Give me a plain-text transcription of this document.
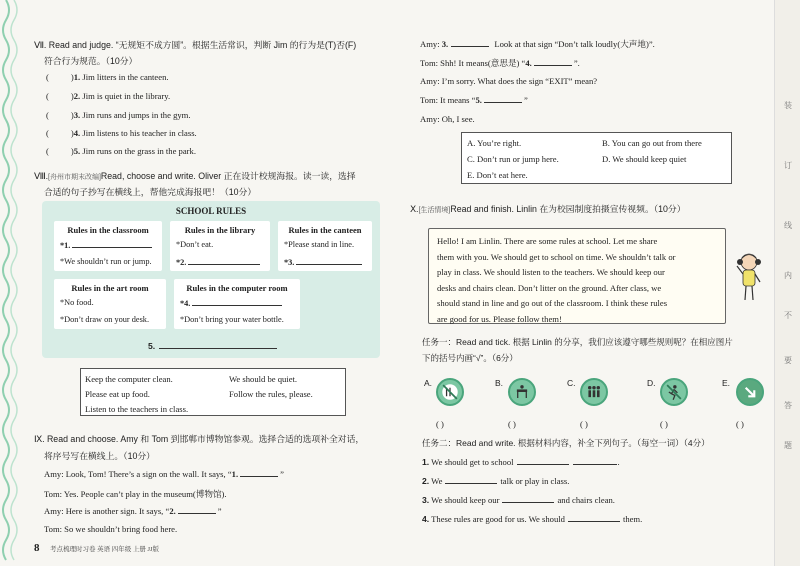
装
订
线
内
不
要
答
题
Ⅶ. Read and judge. “无规矩不成方圆”。根据生活常识，判断 Jim 的行为是(T)否(F)
符合行为规范。（10分）
(	)1. Jim litters in the canteen.
(	)2. Jim is quiet in the library.
(	)3. Jim runs and jumps in the gym.
(	)4. Jim listens to his teacher in class.
(	)5. Jim runs on the grass in the park.
Ⅷ.[舟州市期末改编]Read, choose and write. Oliver 正在设计校规海报。读一读，选择
合适的句子抄写在横线上，帮他完成海报吧！（10分）
SCHOOL RULES
Rules in the classroom
*1.
*We shouldn’t run or jump.
Rules in the library
*Don’t eat.
*2.
Rules in the canteen
*Please stand in line.
*3.
Rules in the art room
*No food.
*Don’t draw on your desk.
Rules in the computer room
*4.
*Don’t bring your water bottle.
5.
Keep the computer clean.	We should be quiet.
Please eat up food.	Follow the rules, please.
Listen to the teachers in class.
Ⅸ. Read and choose. Amy 和 Tom 到邯郸市博物馆参观。选择合适的选项补全对话，
将序号写在横线上。（10分）
Amy: Look, Tom! There’s a sign on the wall. It says, “1.	”
Tom: Yes. People can’t play in the museum(博物馆).
Amy: Here is another sign. It says, “2.	”
Tom: So we shouldn’t bring food here.
8 考点梳理时习卷 英语 四年级 上册 JJ版
Amy: 3.	Look at that sign “Don’t talk loudly(大声地)”.
Tom: Shh! It means(意思是) “4.	”.
Amy: I’m sorry. What does the sign “EXIT” mean?
Tom: It means “5.	”
Amy: Oh, I see.
A. You’re right.	B. You can go out from there
C. Don’t run or jump here.	D. We should keep quiet
E. Don’t eat here.
Ⅹ.[生活情境]Read and finish. Linlin 在为校园制度拍摄宣传视频。（10分）
Hello! I am Linlin. There are some rules at school. Let me share
them with you. We should get to school on time. We shouldn’t talk or
play in class. We should listen to the teachers. We should keep our
desks and chairs clean. Don’t litter on the ground. After class, we
should stand in line and go out of the classroom. I think these rules
are good for us. Please follow them!
任务一：Read and tick. 根据 Linlin 的分享，我们应该遵守哪些规则呢？在相应图片
下的括号内画“√”。（6分）
A.	B.	C.	D.	E.
( )	( )	( )	( )	( )
任务二：Read and write. 根据材料内容，补全下列句子。（每空一词）（4分）
1. We should get to school	.
2. We	talk or play in class.
3. We should keep our	and chairs clean.
4. These rules are good for us. We should	them.
